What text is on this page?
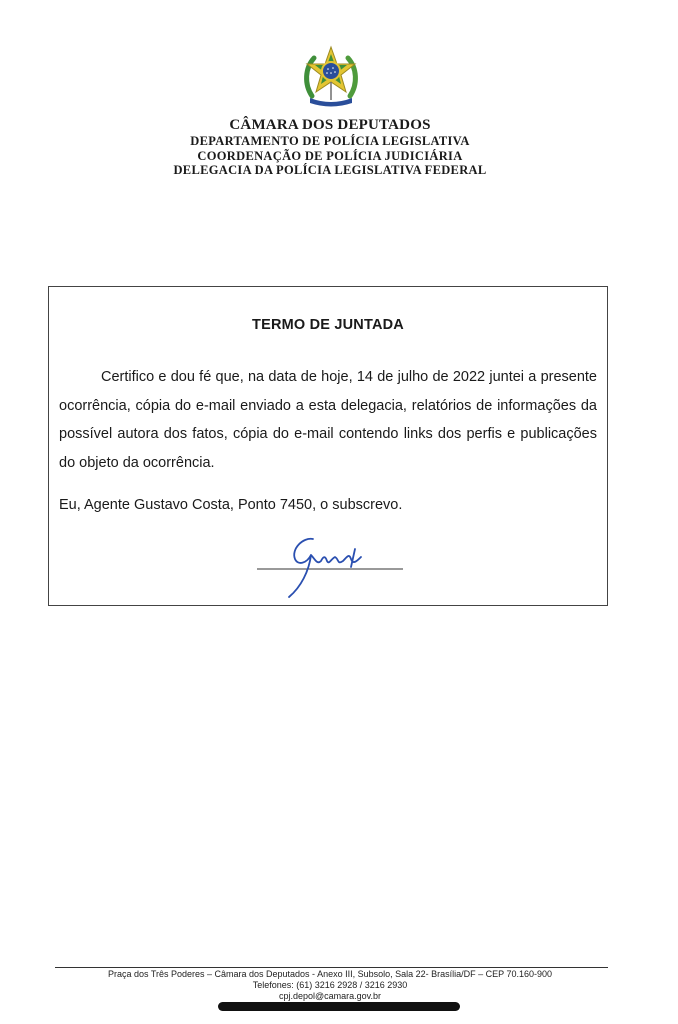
CÂMARA DOS DEPUTADOS
DEPARTAMENTO DE POLÍCIA LEGISLATIVA
COORDENAÇÃO DE POLÍCIA JUDICIÁRIA
DELEGACIA DA POLÍCIA LEGISLATIVA FEDERAL
TERMO DE JUNTADA

Certifico e dou fé que, na data de hoje, 14 de julho de 2022 juntei a presente ocorrência, cópia do e-mail enviado a esta delegacia, relatórios de informações da possível autora dos fatos, cópia do e-mail contendo links dos perfis e publicações do objeto da ocorrência.

Eu, Agente Gustavo Costa, Ponto 7450, o subscrevo.

Praça dos Três Poderes – Câmara dos Deputados - Anexo III, Subsolo, Sala 22- Brasília/DF – CEP 70.160-900
Telefones: (61) 3216 2928 / 3216 2930
cpj.depol@camara.gov.br
